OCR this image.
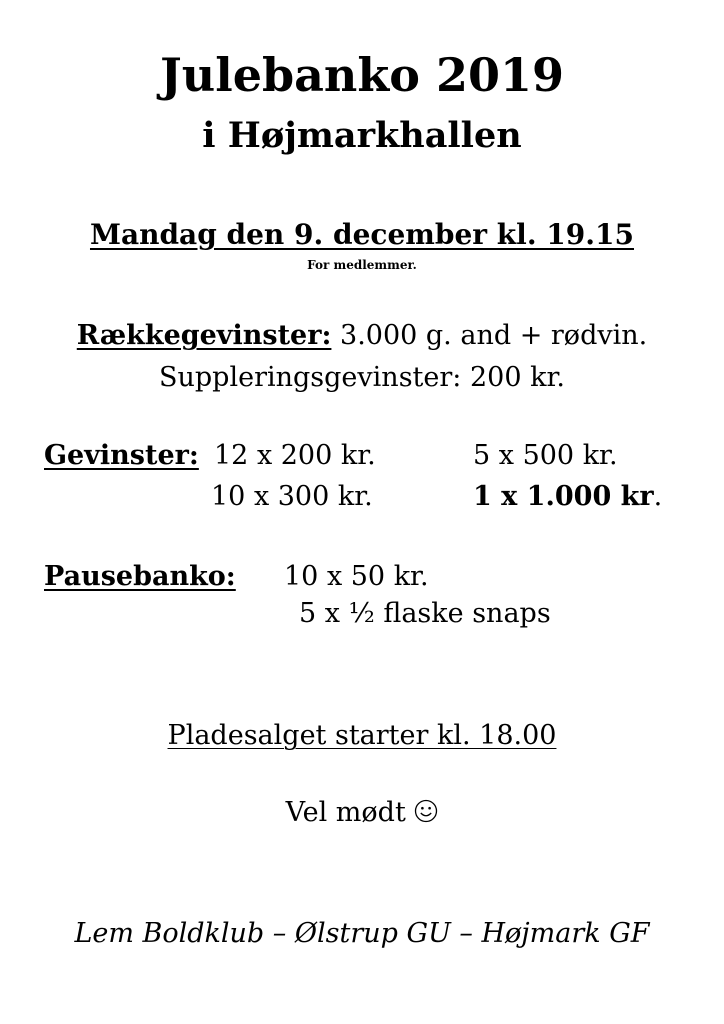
Julebanko 2019
i Højmarkhallen
Mandag den 9. december kl. 19.15
For medlemmer.
Rækkegevinster: 3.000 g. and + rødvin.
Suppleringsgevinster: 200 kr.
Gevinster: 12 x 200 kr.	5 x 500 kr.
10 x 300 kr.	1 x 1.000 kr.
Pausebanko: 10 x 50 kr.
5 x ½ flaske snaps
Pladesalget starter kl. 18.00
Vel mødt
Lem Boldklub – Ølstrup GU – Højmark GF
